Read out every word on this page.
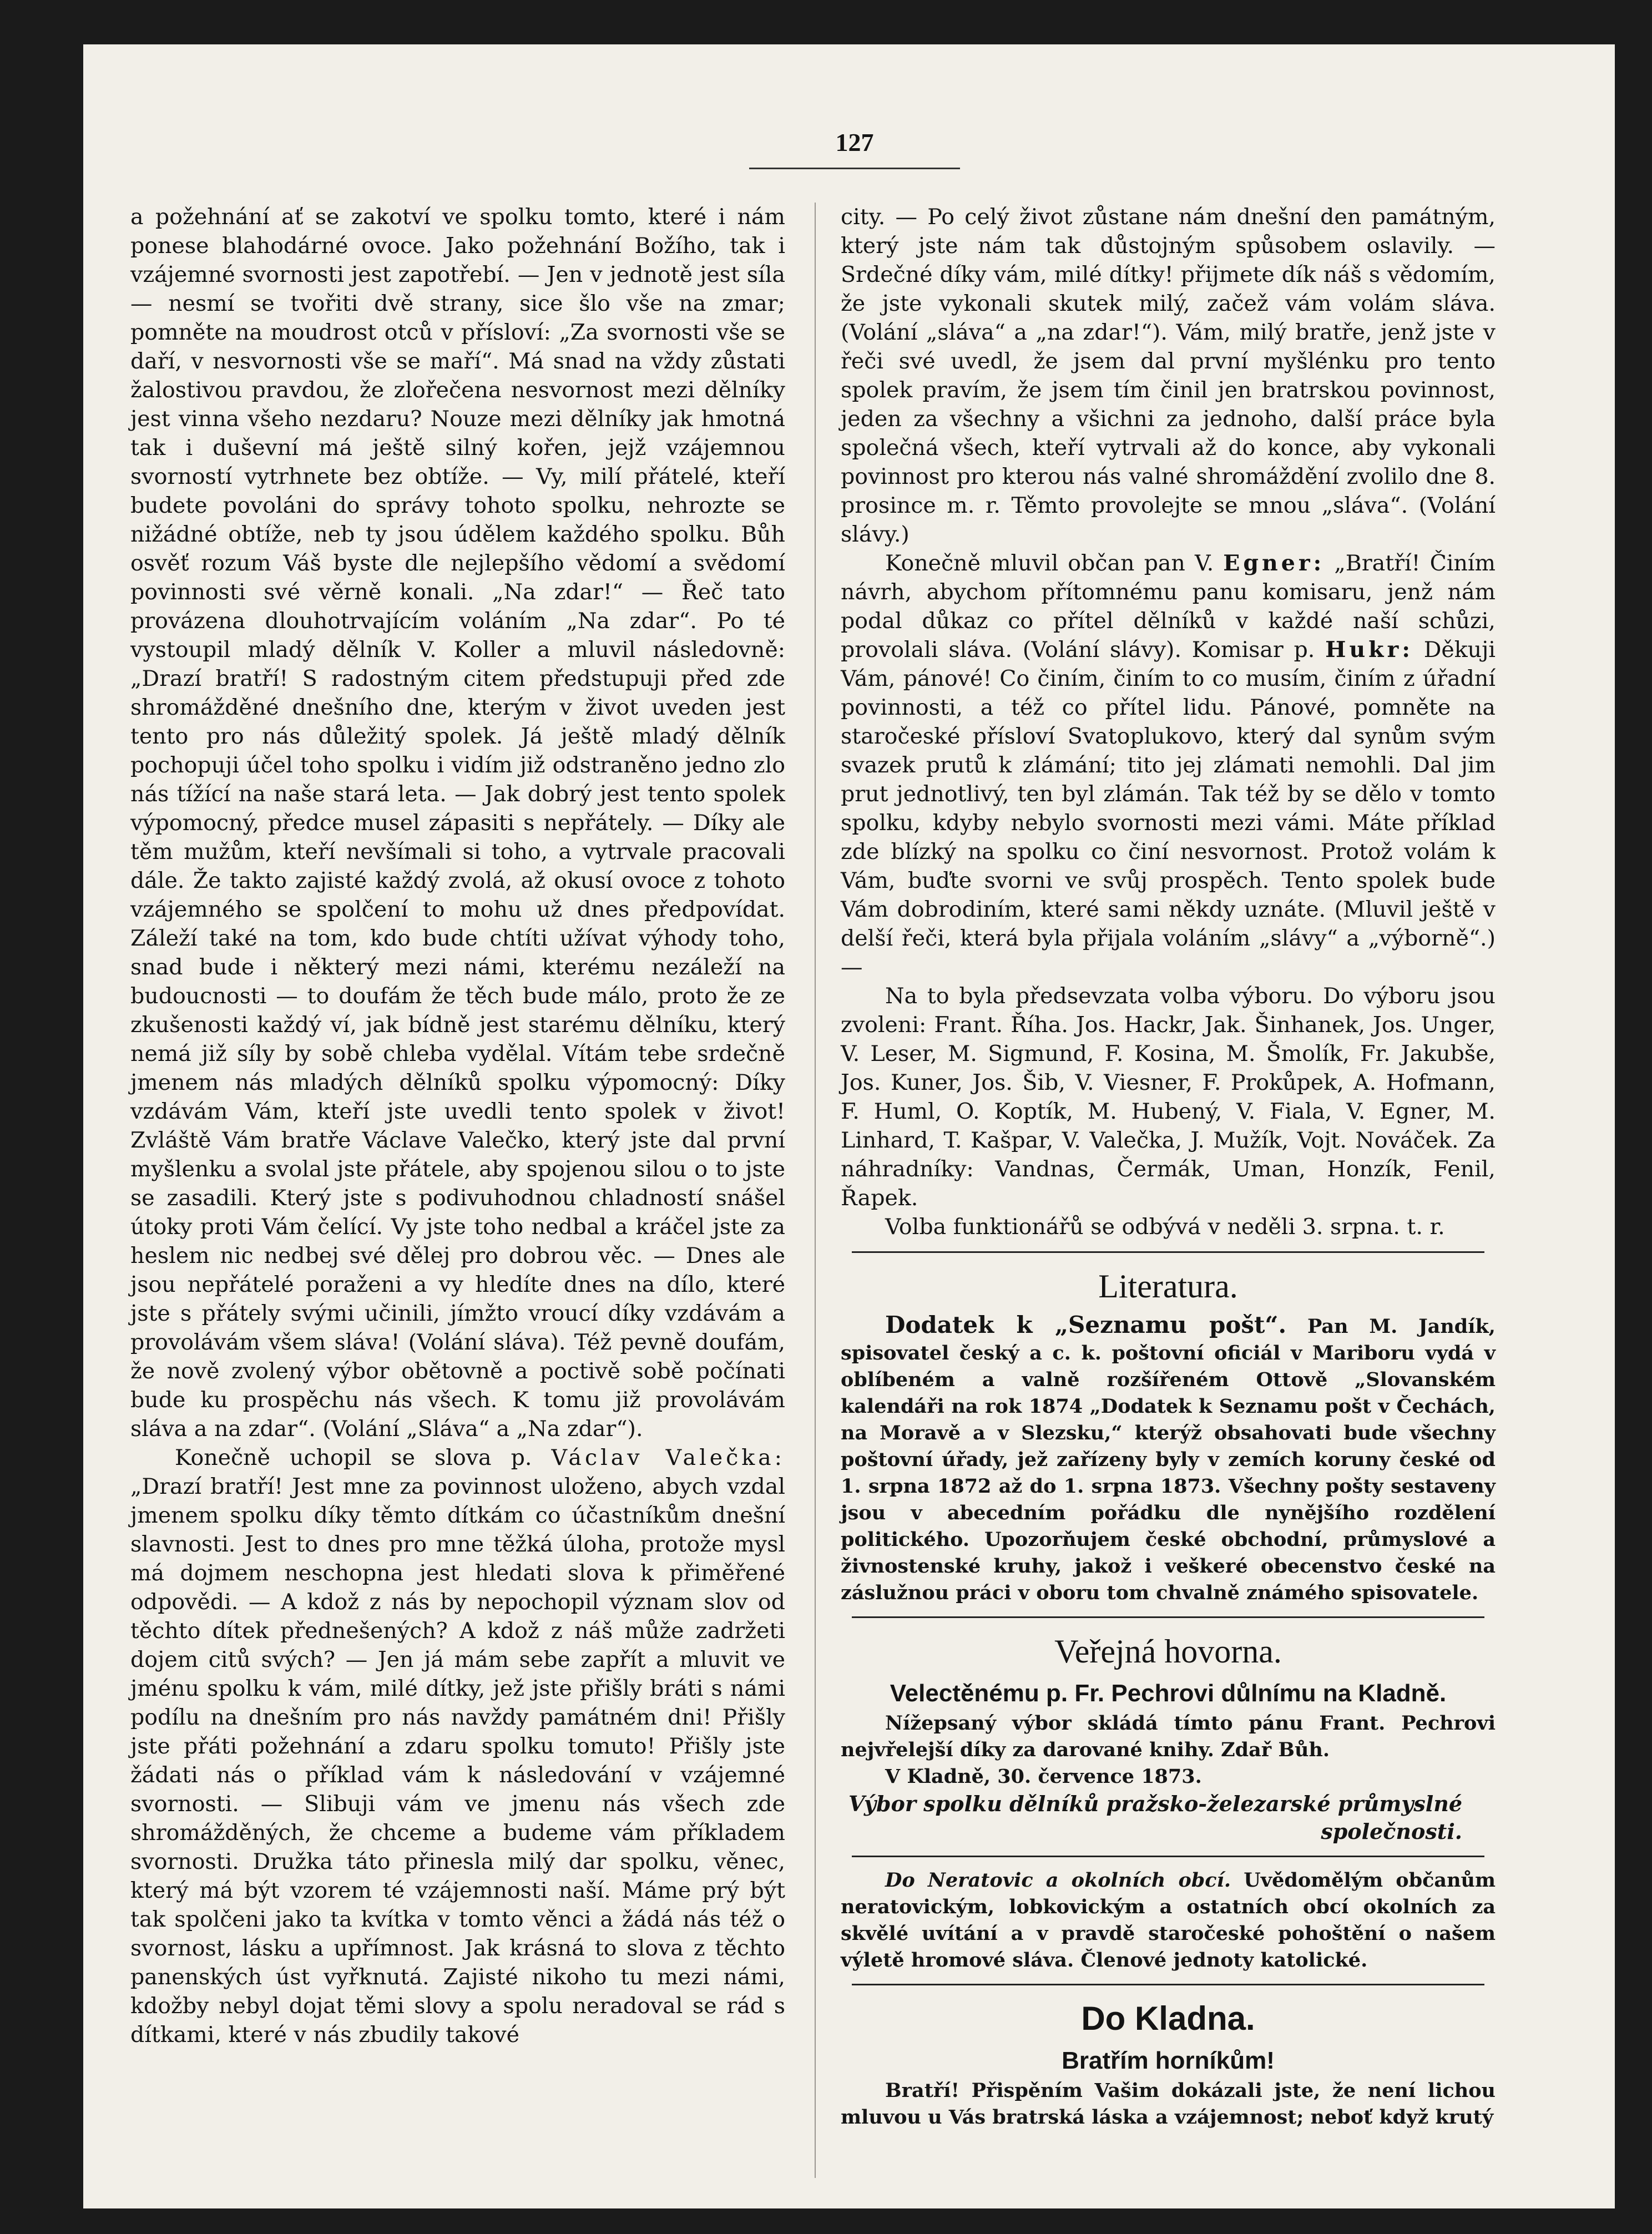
127

a požehnání ať se zakotví ve spolku tomto, které i nám ponese blahodárné ovoce. Jako požehnání Božího, tak i vzájemné svornosti jest zapotřebí. — Jen v jednotě jest síla — nesmí se tvořiti dvě strany, sice šlo vše na zmar; pomněte na moudrost otců v přísloví: „Za svornosti vše se daří, v nesvornosti vše se maří“. Má snad na vždy zůstati žalostivou pravdou, že zlořečena nesvornost mezi dělníky jest vinna všeho nezdaru? Nouze mezi dělníky jak hmotná tak i duševní má ještě silný kořen, jejž vzájemnou svorností vytrhnete bez obtíže. — Vy, milí přátelé, kteří budete povoláni do správy tohoto spolku, nehrozte se nižádné obtíže, neb ty jsou údělem každého spolku. Bůh osvěť rozum Váš byste dle nejlepšího vědomí a svědomí povinnosti své věrně konali. „Na zdar!“ — Řeč tato provázena dlouhotrvajícím voláním „Na zdar“. Po té vystoupil mladý dělník V. Koller a mluvil následovně: „Drazí bratří! S radostným citem předstupuji před zde shromážděné dnešního dne, kterým v život uveden jest tento pro nás důležitý spolek. Já ještě mladý dělník pochopuji účel toho spolku i vidím již odstraněno jedno zlo nás tížící na naše stará leta. — Jak dobrý jest tento spolek výpomocný, předce musel zápasiti s nepřátely. — Díky ale těm mužům, kteří nevšímali si toho, a vytrvale pracovali dále. Že takto zajisté každý zvolá, až okusí ovoce z tohoto vzájemného se spolčení to mohu už dnes předpovídat. Záleží také na tom, kdo bude chtíti užívat výhody toho, snad bude i některý mezi námi, kterému nezáleží na budoucnosti — to doufám že těch bude málo, proto že ze zkušenosti každý ví, jak bídně jest starému dělníku, který nemá již síly by sobě chleba vydělal. Vítám tebe srdečně jmenem nás mladých dělníků spolku výpomocný: Díky vzdávám Vám, kteří jste uvedli tento spolek v život! Zvláště Vám bratře Václave Valečko, který jste dal první myšlenku a svolal jste přátele, aby spojenou silou o to jste se zasadili. Který jste s podivuhodnou chladností snášel útoky proti Vám čelící. Vy jste toho nedbal a kráčel jste za heslem nic nedbej své dělej pro dobrou věc. — Dnes ale jsou nepřátelé poraženi a vy hledíte dnes na dílo, které jste s přátely svými učinili, jímžto vroucí díky vzdávám a provolávám všem sláva! (Volání sláva). Též pevně doufám, že nově zvolený výbor obětovně a poctivě sobě počínati bude ku prospěchu nás všech. K tomu již provolávám sláva a na zdar“. (Volání „Sláva“ a „Na zdar“).

Konečně uchopil se slova p. Václav Valečka: „Drazí bratří! Jest mne za povinnost uloženo, abych vzdal jmenem spolku díky těmto dítkám co účastníkům dnešní slavnosti. Jest to dnes pro mne těžká úloha, protože mysl má dojmem neschopna jest hledati slova k přiměřené odpovědi. — A kdož z nás by nepochopil význam slov od těchto dítek přednešených? A kdož z náš může zadržeti dojem citů svých? — Jen já mám sebe zapřít a mluvit ve jménu spolku k vám, milé dítky, jež jste přišly bráti s námi podílu na dnešním pro nás navždy památném dni! Přišly jste přáti požehnání a zdaru spolku tomuto! Přišly jste žádati nás o příklad vám k následování v vzájemné svornosti. — Slibuji vám ve jmenu nás všech zde shromážděných, že chceme a budeme vám příkladem svornosti. Družka táto přinesla milý dar spolku, věnec, který má být vzorem té vzájemnosti naší. Máme prý být tak spolčeni jako ta kvítka v tomto věnci a žádá nás též o svornost, lásku a upřímnost. Jak krásná to slova z těchto panenských úst vyřknutá. Zajisté nikoho tu mezi námi, kdožby nebyl dojat těmi slovy a spolu neradoval se rád s dítkami, které v nás zbudily takové

city. — Po celý život zůstane nám dnešní den památným, který jste nám tak důstojným spůsobem oslavily. — Srdečné díky vám, milé dítky! přijmete dík náš s vědomím, že jste vykonali skutek milý, začež vám volám sláva. (Volání „sláva“ a „na zdar!“). Vám, milý bratře, jenž jste v řeči své uvedl, že jsem dal první myšlénku pro tento spolek pravím, že jsem tím činil jen bratrskou povinnost, jeden za všechny a všichni za jednoho, další práce byla společná všech, kteří vytrvali až do konce, aby vykonali povinnost pro kterou nás valné shromáždění zvolilo dne 8. prosince m. r. Těmto provolejte se mnou „sláva“. (Volání slávy.)

Konečně mluvil občan pan V. Egner: „Bratří! Činím návrh, abychom přítomnému panu komisaru, jenž nám podal důkaz co přítel dělníků v každé naší schůzi, provolali sláva. (Volání slávy). Komisar p. Hukr: Děkuji Vám, pánové! Co činím, činím to co musím, činím z úřadní povinnosti, a též co přítel lidu. Pánové, pomněte na staročeské přísloví Svatoplukovo, který dal synům svým svazek prutů k zlámání; tito jej zlámati nemohli. Dal jim prut jednotlivý, ten byl zlámán. Tak též by se dělo v tomto spolku, kdyby nebylo svornosti mezi vámi. Máte příklad zde blízký na spolku co činí nesvornost. Protož volám k Vám, buďte svorni ve svůj prospěch. Tento spolek bude Vám dobrodiním, které sami někdy uznáte. (Mluvil ještě v delší řeči, která byla přijala voláním „slávy“ a „výborně“.) —

Na to byla předsevzata volba výboru. Do výboru jsou zvoleni: Frant. Říha. Jos. Hackr, Jak. Šinhanek, Jos. Unger, V. Leser, M. Sigmund, F. Kosina, M. Šmolík, Fr. Jakubše, Jos. Kuner, Jos. Šib, V. Viesner, F. Prokůpek, A. Hofmann, F. Huml, O. Koptík, M. Hubený, V. Fiala, V. Egner, M. Linhard, T. Kašpar, V. Valečka, J. Mužík, Vojt. Nováček. Za náhradníky: Vandnas, Čermák, Uman, Honzík, Fenil, Řapek.

Volba funktionářů se odbývá v neděli 3. srpna. t. r.

Literatura.

Dodatek k „Seznamu pošt“. Pan M. Jandík, spisovatel český a c. k. poštovní oficiál v Mariboru vydá v oblíbeném a valně rozšířeném Ottově „Slovanském kalendáři na rok 1874 „Dodatek k Seznamu pošt v Čechách, na Moravě a v Slezsku,“ kterýž obsahovati bude všechny poštovní úřady, jež zařízeny byly v zemích koruny české od 1. srpna 1872 až do 1. srpna 1873. Všechny pošty sestaveny jsou v abecedním pořádku dle nynějšího rozdělení politického. Upozorňujem české obchodní, průmyslové a živnostenské kruhy, jakož i veškeré obecenstvo české na záslužnou práci v oboru tom chvalně známého spisovatele.

Veřejná hovorna.
Velectěnému p. Fr. Pechrovi důlnímu na Kladně.

Nížepsaný výbor skládá tímto pánu Frant. Pechrovi nejvřelejší díky za darované knihy. Zdař Bůh.

V Kladně, 30. července 1873.

Výbor spolku dělníků pražsko-železarské průmyslné společnosti.

Do Neratovic a okolních obcí. Uvědomělým občanům neratovickým, lobkovickým a ostatních obcí okolních za skvělé uvítání a v pravdě staročeské pohoštění o našem výletě hromové sláva. Členové jednoty katolické.

Do Kladna.
Bratřím horníkům!

Bratří! Přispěním Vašim dokázali jste, že není lichou mluvou u Vás bratrská láska a vzájemnost; neboť když krutý
